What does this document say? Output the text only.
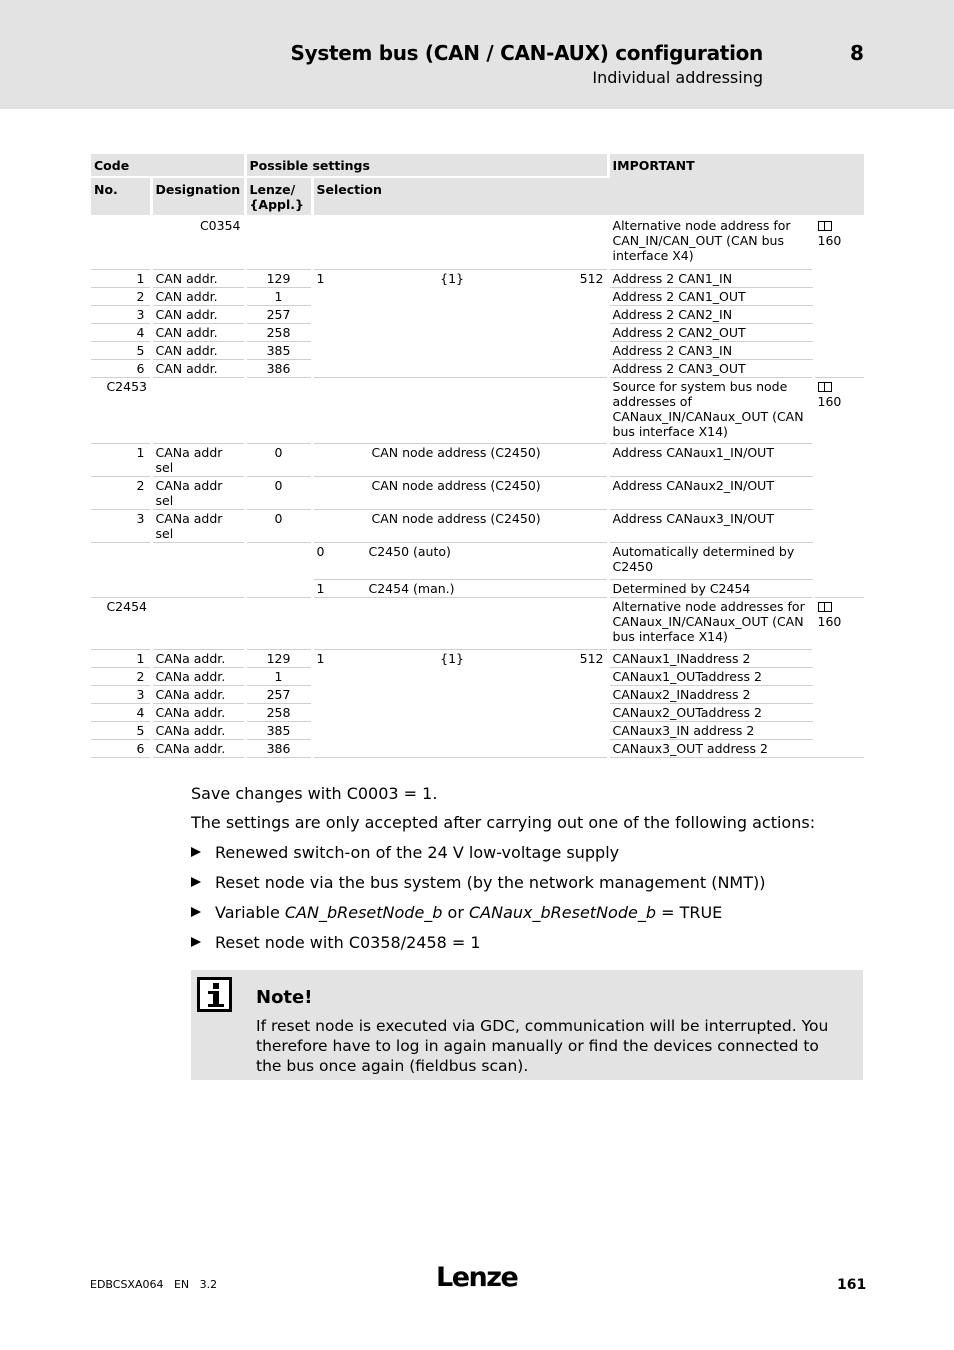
System bus (CAN / CAN-AUX) configuration	8
Individual addressing
Code		Possible settings		IMPORTANT	
No.	Designation	Lenze/ {Appl.}	Selection		
C0354				Alternative node address for CAN_IN/CAN_OUT (CAN bus interface X4)	160
1	CAN addr.	129	1 {1} 512	Address 2 CAN1_IN	
2	CAN addr.	1		Address 2 CAN1_OUT	
3	CAN addr.	257		Address 2 CAN2_IN	
4	CAN addr.	258		Address 2 CAN2_OUT	
5	CAN addr.	385		Address 2 CAN3_IN	
6	CAN addr.	386		Address 2 CAN3_OUT	
C2453				Source for system bus node addresses of CANaux_IN/CANaux_OUT (CAN bus interface X14)	160
1	CANa addr sel	0	CAN node address (C2450)	Address CANaux1_IN/OUT	
2	CANa addr sel	0	CAN node address (C2450)	Address CANaux2_IN/OUT	
3	CANa addr sel	0	CAN node address (C2450)	Address CANaux3_IN/OUT	
			0 C2450 (auto)	Automatically determined by C2450	
			1 C2454 (man.)	Determined by C2454	
C2454				Alternative node addresses for CANaux_IN/CANaux_OUT (CAN bus interface X14)	160
1	CANa addr.	129	1 {1} 512	CANaux1_INaddress 2	
2	CANa addr.	1		CANaux1_OUTaddress 2	
3	CANa addr.	257		CANaux2_INaddress 2	
4	CANa addr.	258		CANaux2_OUTaddress 2	
5	CANa addr.	385		CANaux3_IN address 2	
6	CANa addr.	386		CANaux3_OUT address 2	
Save changes with C0003 = 1.
The settings are only accepted after carrying out one of the following actions:
Renewed switch-on of the 24 V low-voltage supply
Reset node via the bus system (by the network management (NMT))
Variable CAN_bResetNode_b or CANaux_bResetNode_b = TRUE
Reset node with C0358/2458 = 1
Note!
If reset node is executed via GDC, communication will be interrupted. You therefore have to log in again manually or find the devices connected to the bus once again (fieldbus scan).
EDBCSXA064   EN   3.2	Lenze	161
